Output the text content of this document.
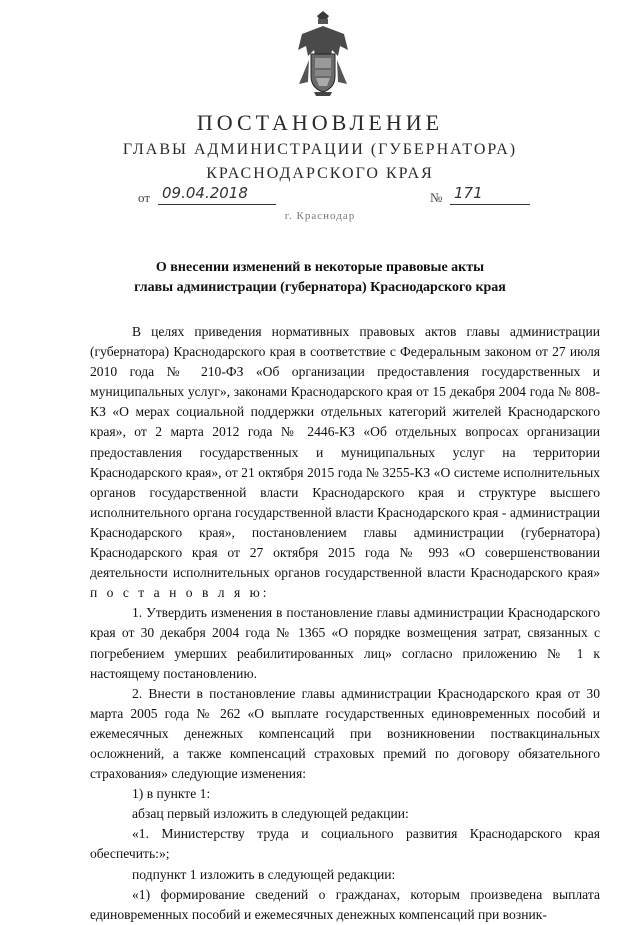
ПОСТАНОВЛЕНИЕ
ГЛАВЫ АДМИНИСТРАЦИИ (ГУБЕРНАТОРА)
КРАСНОДАРСКОГО КРАЯ
от 09.04.2018	№ 171
г. Краснодар
О внесении изменений в некоторые правовые акты
главы администрации (губернатора) Краснодарского края

В целях приведения нормативных правовых актов главы администрации (губернатора) Краснодарского края в соответствие с Федеральным законом от 27 июля 2010 года № 210-ФЗ «Об организации предоставления государственных и муниципальных услуг», законами Краснодарского края от 15 декабря 2004 года № 808-КЗ «О мерах социальной поддержки отдельных категорий жителей Краснодарского края», от 2 марта 2012 года № 2446-КЗ «Об отдельных вопросах организации предоставления государственных и муниципальных услуг на территории Краснодарского края», от 21 октября 2015 года № 3255-КЗ «О системе исполнительных органов государственной власти Краснодарского края и структуре высшего исполнительного органа государственной власти Краснодарского края - администрации Краснодарского края», постановлением главы администрации (губернатора) Краснодарского края от 27 октября 2015 года № 993 «О совершенствовании деятельности исполнительных органов государственной власти Краснодарского края» п о с т а н о в л я ю:

1. Утвердить изменения в постановление главы администрации Краснодарского края от 30 декабря 2004 года № 1365 «О порядке возмещения затрат, связанных с погребением умерших реабилитированных лиц» согласно приложению № 1 к настоящему постановлению.

2. Внести в постановление главы администрации Краснодарского края от 30 марта 2005 года № 262 «О выплате государственных единовременных пособий и ежемесячных денежных компенсаций при возникновении поствакцинальных осложнений, а также компенсаций страховых премий по договору обязательного страхования» следующие изменения:

1) в пункте 1:

абзац первый изложить в следующей редакции:

«1. Министерству труда и социального развития Краснодарского края обеспечить:»;

подпункт 1 изложить в следующей редакции:

«1) формирование сведений о гражданах, которым произведена выплата единовременных пособий и ежемесячных денежных компенсаций при возник-
